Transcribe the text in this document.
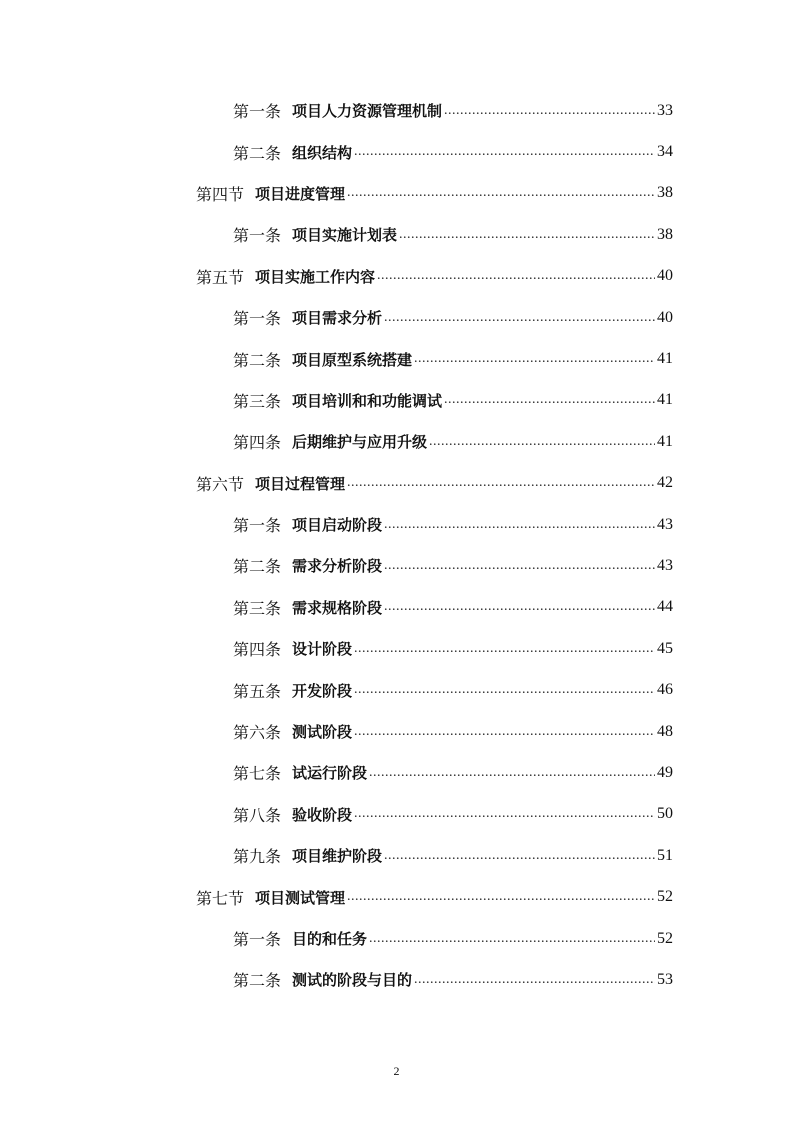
第一条 项目人力资源管理机制 .....	33
第二条 组织结构 .....	34
第四节 项目进度管理 .....	38
第一条 项目实施计划表 .....	38
第五节 项目实施工作内容 .....	40
第一条 项目需求分析 .....	40
第二条 项目原型系统搭建 .....	41
第三条 项目培训和和功能调试 .....	41
第四条 后期维护与应用升级 .....	41
第六节 项目过程管理 .....	42
第一条 项目启动阶段 .....	43
第二条 需求分析阶段 .....	43
第三条 需求规格阶段 .....	44
第四条 设计阶段 .....	45
第五条 开发阶段 .....	46
第六条 测试阶段 .....	48
第七条 试运行阶段 .....	49
第八条 验收阶段 .....	50
第九条 项目维护阶段 .....	51
第七节 项目测试管理 .....	52
第一条 目的和任务 .....	52
第二条 测试的阶段与目的 .....	53
2
